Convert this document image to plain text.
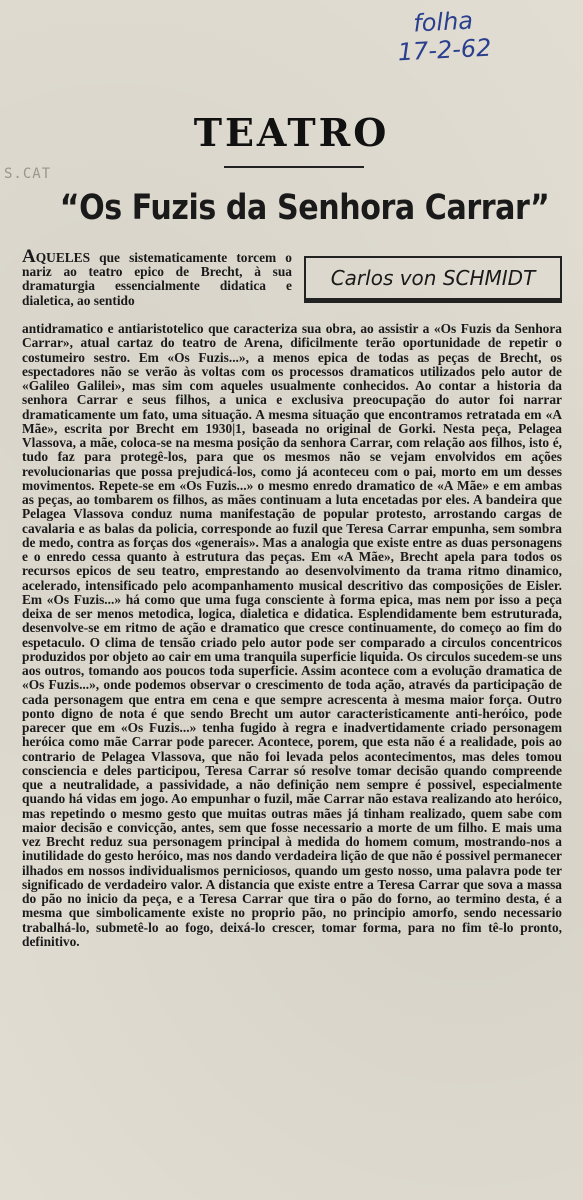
folha
17-2-62
S.CAT
TEATRO
“Os Fuzis da Senhora Carrar”

AQUELES que sistematicamente torcem o nariz ao teatro epico de Brecht, à sua dramaturgia essencialmente didatica e dialetica, ao sentido

Carlos von SCHMIDT

antidramatico e antiaristotelico que caracteriza sua obra, ao assistir a «Os Fuzis da Senhora Carrar», atual cartaz do teatro de Arena, dificilmente terão oportunidade de repetir o costumeiro sestro. Em «Os Fuzis...», a menos epica de todas as peças de Brecht, os espectadores não se verão às voltas com os processos dramaticos utilizados pelo autor de «Galileo Galilei», mas sim com aqueles usualmente conhecidos. Ao contar a historia da senhora Carrar e seus filhos, a unica e exclusiva preocupação do autor foi narrar dramaticamente um fato, uma situação. A mesma situação que encontramos retratada em «A Mãe», escrita por Brecht em 1930|1, baseada no original de Gorki. Nesta peça, Pelagea Vlassova, a mãe, coloca-se na mesma posição da senhora Carrar, com relação aos filhos, isto é, tudo faz para protegê-los, para que os mesmos não se vejam envolvidos em ações revolucionarias que possa prejudicá-los, como já aconteceu com o pai, morto em um desses movimentos. Repete-se em «Os Fuzis...» o mesmo enredo dramatico de «A Mãe» e em ambas as peças, ao tombarem os filhos, as mães continuam a luta encetadas por eles. A bandeira que Pelagea Vlassova conduz numa manifestação de popular protesto, arrostando cargas de cavalaria e as balas da policia, corresponde ao fuzil que Teresa Carrar empunha, sem sombra de medo, contra as forças dos «generais». Mas a analogia que existe entre as duas personagens e o enredo cessa quanto à estrutura das peças. Em «A Mãe», Brecht apela para todos os recursos epicos de seu teatro, emprestando ao desenvolvimento da trama ritmo dinamico, acelerado, intensificado pelo acompanhamento musical descritivo das composições de Eisler. Em «Os Fuzis...» há como que uma fuga consciente à forma epica, mas nem por isso a peça deixa de ser menos metodica, logica, dialetica e didatica. Esplendidamente bem estruturada, desenvolve-se em ritmo de ação e dramatico que cresce continuamente, do começo ao fim do espetaculo. O clima de tensão criado pelo autor pode ser comparado a circulos concentricos produzidos por objeto ao cair em uma tranquila superficie liquida. Os circulos sucedem-se uns aos outros, tomando aos poucos toda superficie. Assim acontece com a evolução dramatica de «Os Fuzis...», onde podemos observar o crescimento de toda ação, através da participação de cada personagem que entra em cena e que sempre acrescenta à mesma maior força. Outro ponto digno de nota é que sendo Brecht um autor caracteristicamente anti-heróico, pode parecer que em «Os Fuzis...» tenha fugido à regra e inadvertidamente criado personagem heróica como mãe Carrar pode parecer. Acontece, porem, que esta não é a realidade, pois ao contrario de Pelagea Vlassova, que não foi levada pelos acontecimentos, mas deles tomou consciencia e deles participou, Teresa Carrar só resolve tomar decisão quando compreende que a neutralidade, a passividade, a não definição nem sempre é possivel, especialmente quando há vidas em jogo. Ao empunhar o fuzil, mãe Carrar não estava realizando ato heróico, mas repetindo o mesmo gesto que muitas outras mães já tinham realizado, quem sabe com maior decisão e convicção, antes, sem que fosse necessario a morte de um filho. E mais uma vez Brecht reduz sua personagem principal à medida do homem comum, mostrando-nos a inutilidade do gesto heróico, mas nos dando verdadeira lição de que não é possivel permanecer ilhados em nossos individualismos perniciosos, quando um gesto nosso, uma palavra pode ter significado de verdadeiro valor. A distancia que existe entre a Teresa Carrar que sova a massa do pão no inicio da peça, e a Teresa Carrar que tira o pão do forno, ao termino desta, é a mesma que simbolicamente existe no proprio pão, no principio amorfo, sendo necessario trabalhá-lo, submetê-lo ao fogo, deixá-lo crescer, tomar forma, para no fim tê-lo pronto, definitivo.
